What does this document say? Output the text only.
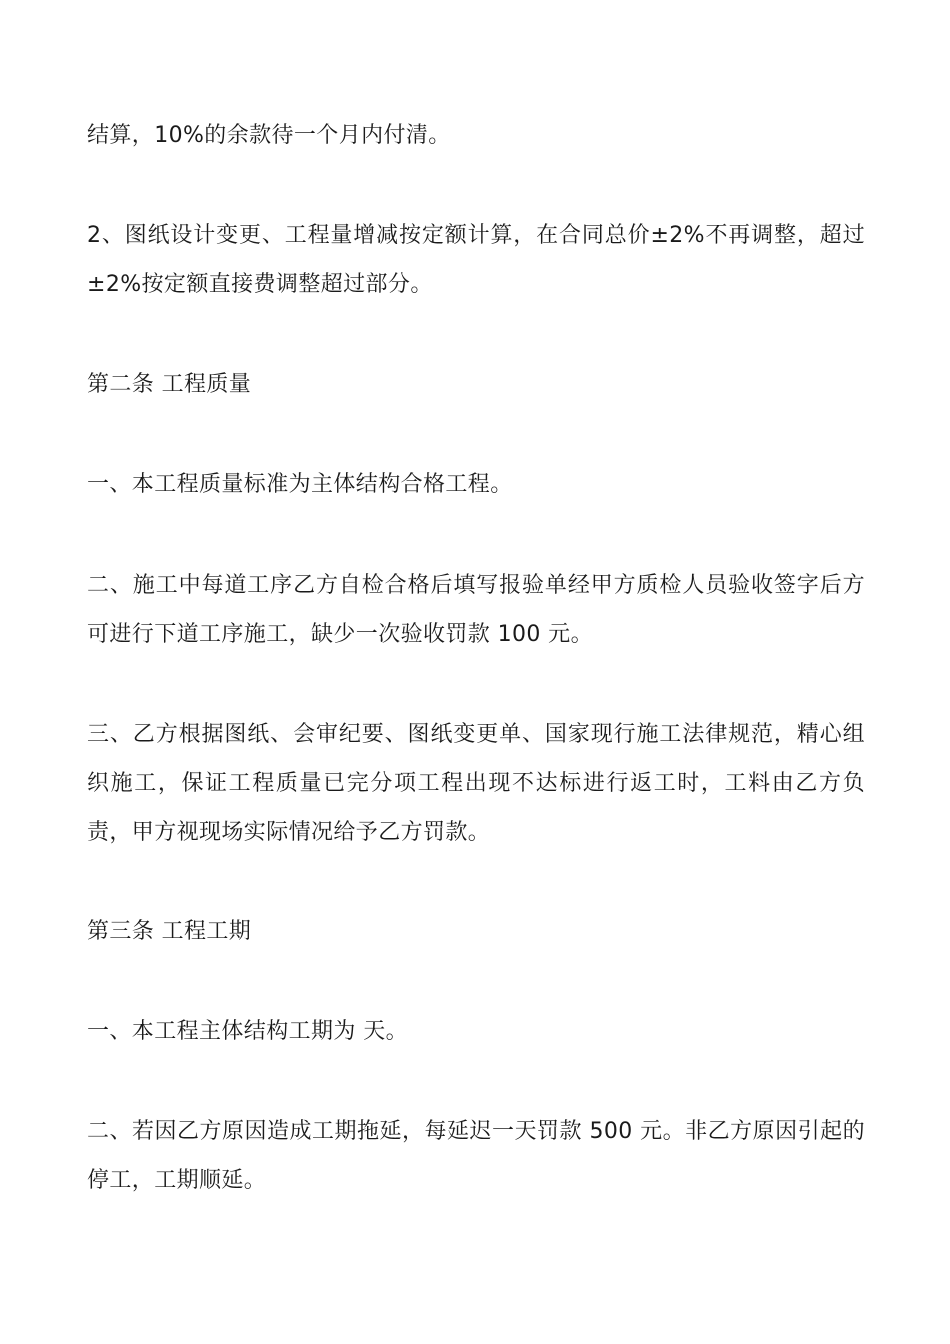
结算，10%的余款待一个月内付清。

2、图纸设计变更、工程量增减按定额计算，在合同总价±2%不再调整，超过±2%按定额直接费调整超过部分。

第二条 工程质量

一、本工程质量标准为主体结构合格工程。

二、施工中每道工序乙方自检合格后填写报验单经甲方质检人员验收签字后方可进行下道工序施工，缺少一次验收罚款 100 元。

三、乙方根据图纸、会审纪要、图纸变更单、国家现行施工法律规范，精心组织施工，保证工程质量已完分项工程出现不达标进行返工时，工料由乙方负责，甲方视现场实际情况给予乙方罚款。

第三条 工程工期

一、本工程主体结构工期为 天。

二、若因乙方原因造成工期拖延，每延迟一天罚款 500 元。非乙方原因引起的停工，工期顺延。
